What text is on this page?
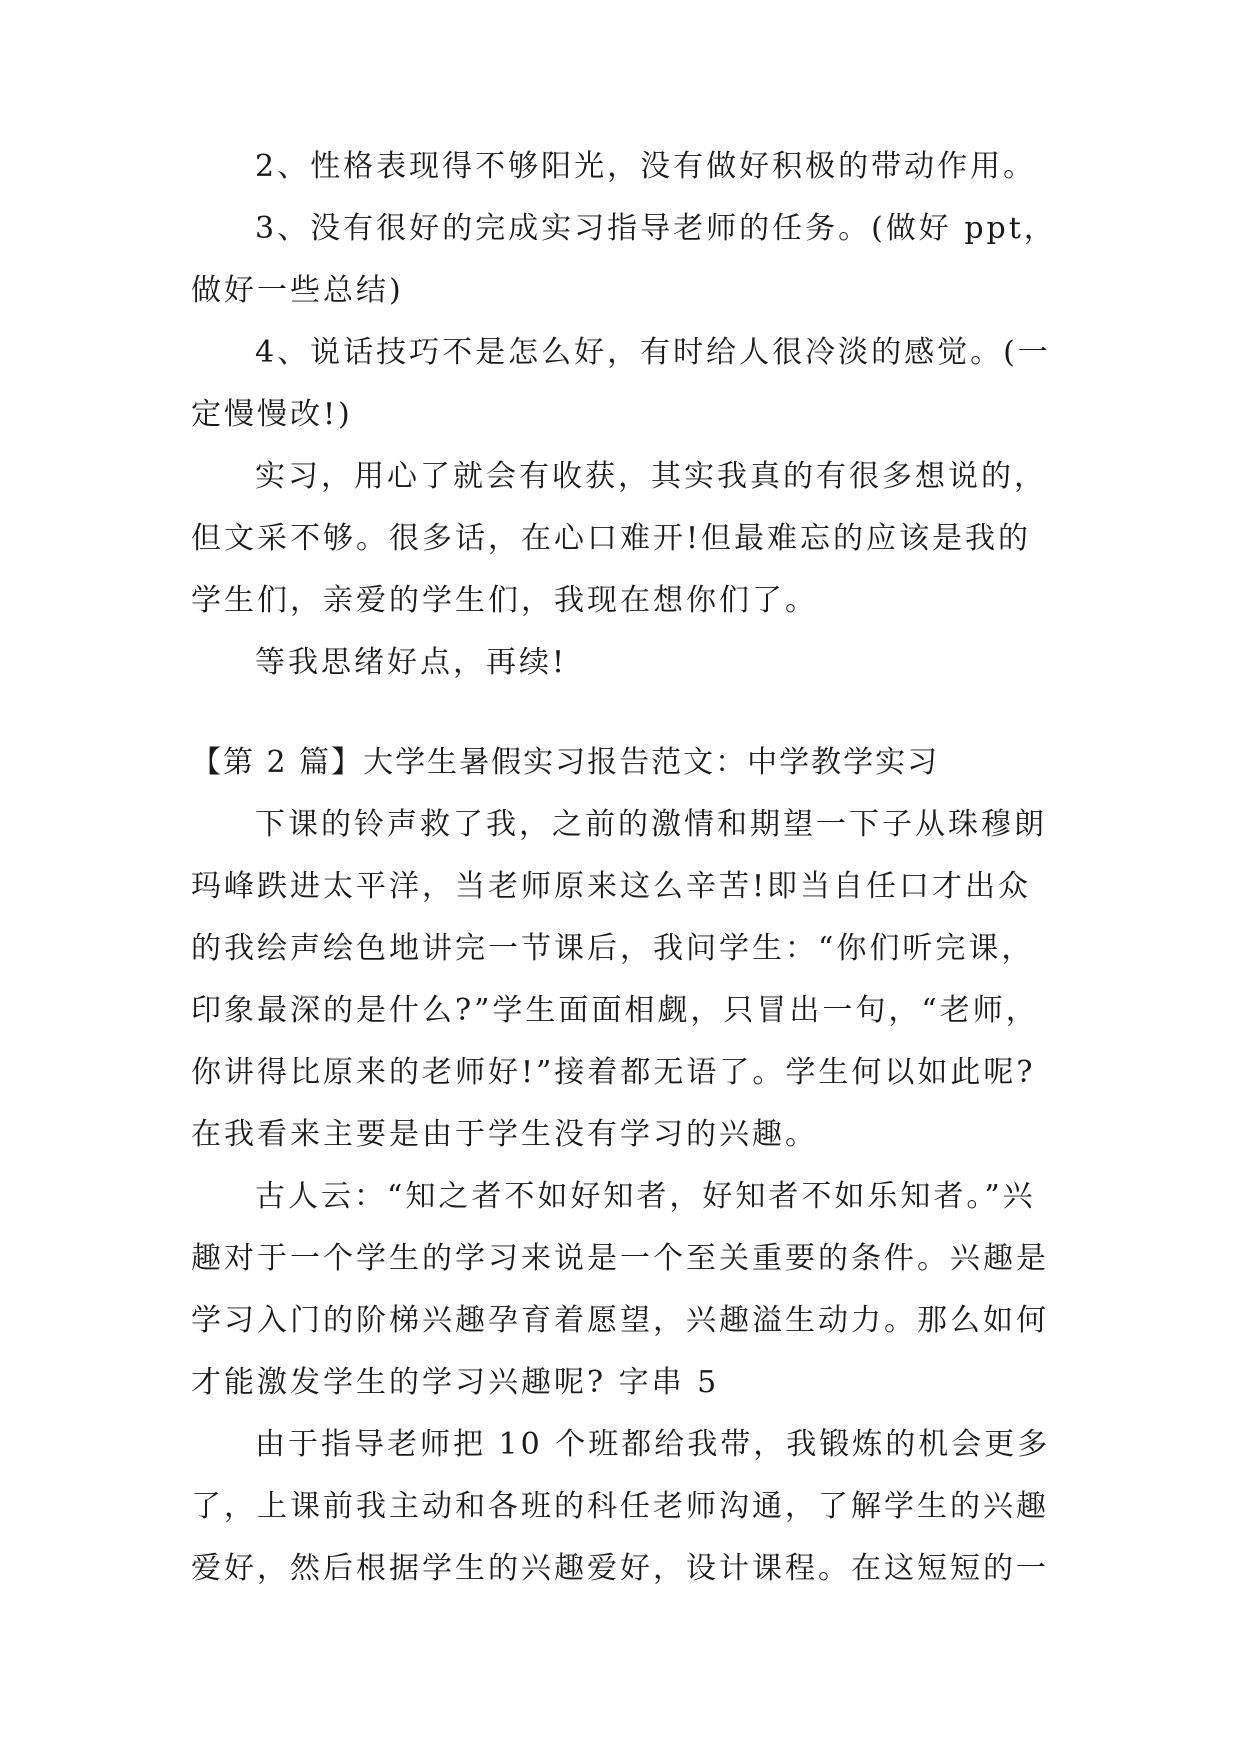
2、性格表现得不够阳光，没有做好积极的带动作用。
3、没有很好的完成实习指导老师的任务。(做好 ppt，
做好一些总结)
4、说话技巧不是怎么好，有时给人很冷淡的感觉。(一
定慢慢改!)
实习，用心了就会有收获，其实我真的有很多想说的，
但文采不够。很多话，在心口难开!但最难忘的应该是我的
学生们，亲爱的学生们，我现在想你们了。
等我思绪好点，再续!
【第 2 篇】大学生暑假实习报告范文：中学教学实习
下课的铃声救了我，之前的激情和期望一下子从珠穆朗
玛峰跌进太平洋，当老师原来这么辛苦!即当自任口才出众
的我绘声绘色地讲完一节课后，我问学生：“你们听完课，
印象最深的是什么?”学生面面相觑，只冒出一句，“老师，
你讲得比原来的老师好!”接着都无语了。学生何以如此呢?
在我看来主要是由于学生没有学习的兴趣。
古人云：“知之者不如好知者，好知者不如乐知者。”兴
趣对于一个学生的学习来说是一个至关重要的条件。兴趣是
学习入门的阶梯兴趣孕育着愿望，兴趣溢生动力。那么如何
才能激发学生的学习兴趣呢? 字串 5
由于指导老师把 10 个班都给我带，我锻炼的机会更多
了，上课前我主动和各班的科任老师沟通，了解学生的兴趣
爱好，然后根据学生的兴趣爱好，设计课程。在这短短的一
